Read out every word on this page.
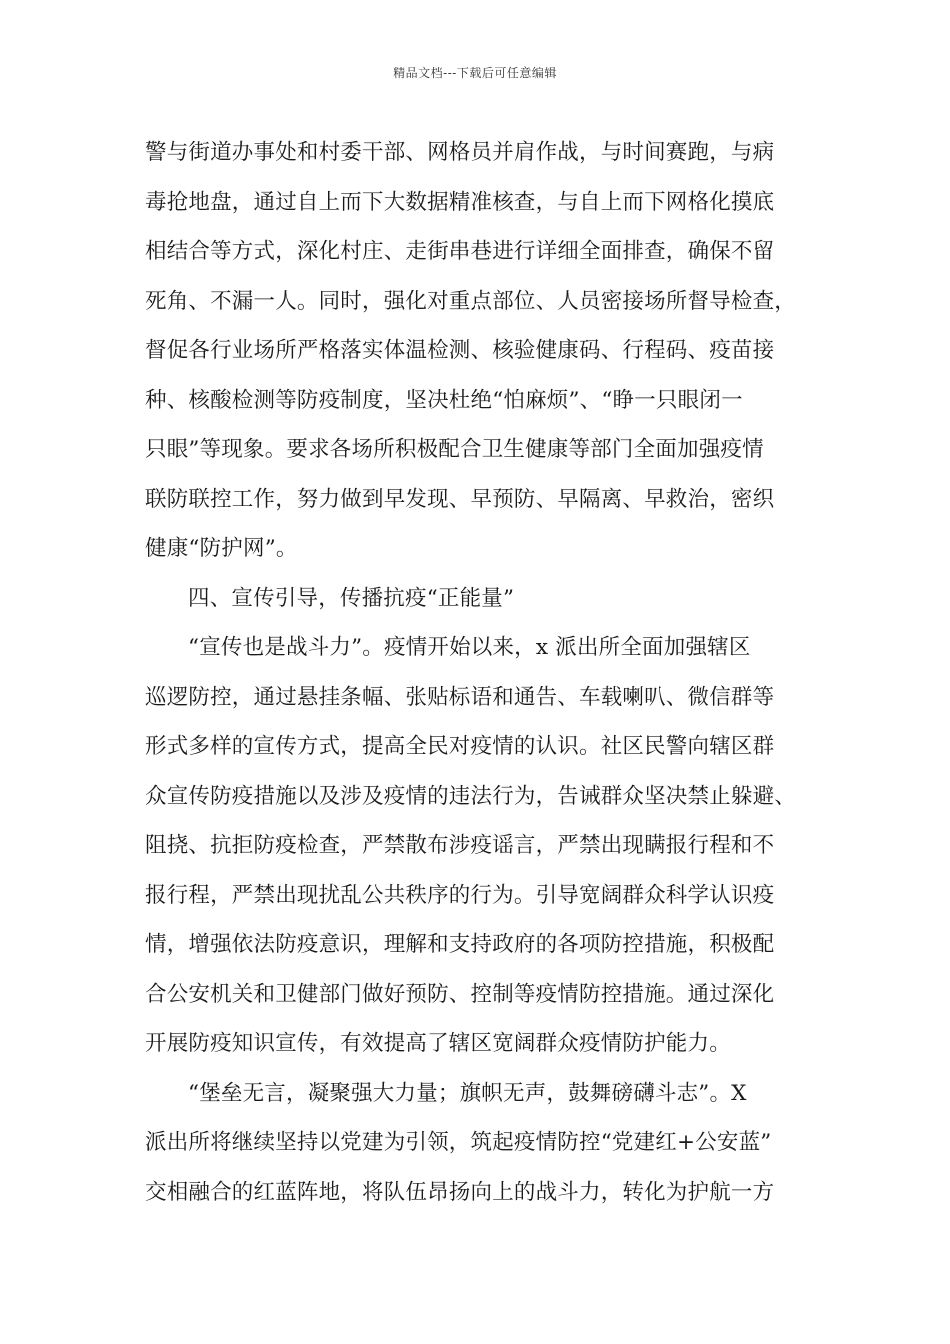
精品文档---下载后可任意编辑
警与街道办事处和村委干部、网格员并肩作战，与时间赛跑，与病
毒抢地盘，通过自上而下大数据精准核查，与自上而下网格化摸底
相结合等方式，深化村庄、走街串巷进行详细全面排查，确保不留
死角、不漏一人。同时，强化对重点部位、人员密接场所督导检查，
督促各行业场所严格落实体温检测、核验健康码、行程码、疫苗接
种、核酸检测等防疫制度，坚决杜绝“怕麻烦”、“睁一只眼闭一
只眼”等现象。要求各场所积极配合卫生健康等部门全面加强疫情
联防联控工作，努力做到早发现、早预防、早隔离、早救治，密织
健康“防护网”。
四、宣传引导，传播抗疫“正能量”
“宣传也是战斗力”。疫情开始以来，x 派出所全面加强辖区
巡逻防控，通过悬挂条幅、张贴标语和通告、车载喇叭、微信群等
形式多样的宣传方式，提高全民对疫情的认识。社区民警向辖区群
众宣传防疫措施以及涉及疫情的违法行为，告诫群众坚决禁止躲避、
阻挠、抗拒防疫检查，严禁散布涉疫谣言，严禁出现瞒报行程和不
报行程，严禁出现扰乱公共秩序的行为。引导宽阔群众科学认识疫
情，增强依法防疫意识，理解和支持政府的各项防控措施，积极配
合公安机关和卫健部门做好预防、控制等疫情防控措施。通过深化
开展防疫知识宣传，有效提高了辖区宽阔群众疫情防护能力。
“堡垒无言，凝聚强大力量；旗帜无声，鼓舞磅礴斗志”。X
派出所将继续坚持以党建为引领，筑起疫情防控“党建红+公安蓝”
交相融合的红蓝阵地，将队伍昂扬向上的战斗力，转化为护航一方
